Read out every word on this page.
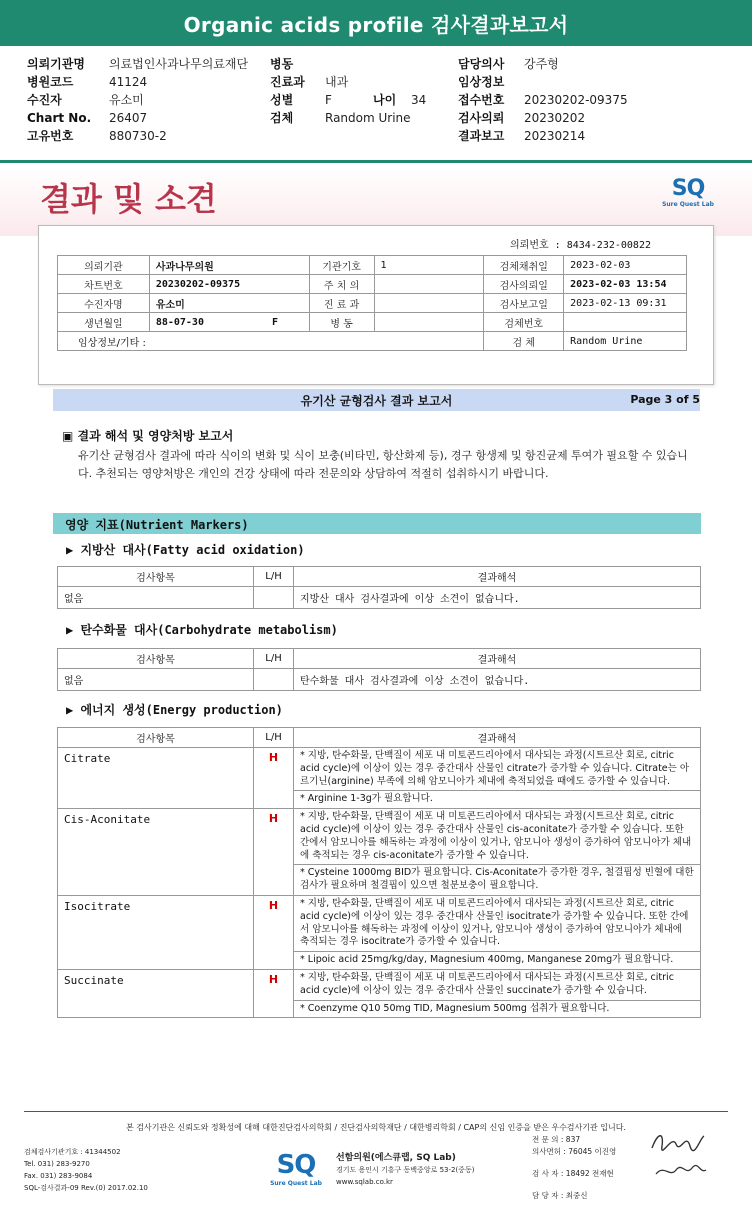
Organic acids profile 검사결과보고서
의뢰기관명 의료법인사과나무의료재단
병원코드	41124
수진자	유소미
Chart No. 26407
고유번호	880730-2
병동
진료과 내과
성별	F	나이 34
검체	Random Urine
담당의사 강주형
임상정보
접수번호 20230202-09375
검사의뢰 20230202
결과보고 20230214
결과 및 소견	SQ
Sure Quest Lab
의뢰번호 : 8434-232-00822
의뢰기관	사과나무의원	기관기호	1	검체채취일	2023-02-03
차트번호	20230202-09375	주 치 의		검사의뢰일	2023-02-03 13:54
수진자명	유소미	진 료 과		검사보고일	2023-02-13 09:31
생년월일	88-07-30 F	병 동		검체번호	
임상정보/기타 :				검 체	Random Urine
유기산 균형검사 결과 보고서	Page 3 of 5
▣ 결과 해석 및 영양처방 보고서
유기산 균형검사 결과에 따라 식이의 변화 및 식이 보충(비타민, 항산화제 등), 경구 항생제 및 항진균제 투여가 필요할 수 있습니다. 추천되는 영양처방은 개인의 건강 상태에 따라 전문의와 상담하여 적절히 섭취하시기 바랍니다.
영양 지표(Nutrient Markers)
▶ 지방산 대사(Fatty acid oxidation)
검사항목	L/H	결과해석
없음		지방산 대사 검사결과에 이상 소견이 없습니다.
▶ 탄수화물 대사(Carbohydrate metabolism)
검사항목	L/H	결과해석
없음		탄수화물 대사 검사결과에 이상 소견이 없습니다.
▶ 에너지 생성(Energy production)
검사항목	L/H	결과해석
Citrate	H	* 지방, 탄수화물, 단백질이 세포 내 미토콘드리아에서 대사되는 과정(시트르산 회로, citric acid cycle)에 이상이 있는 경우 중간대사 산물인 citrate가 증가할 수 있습니다. Citrate는 아르기닌(arginine) 부족에 의해 암모니아가 체내에 축적되었을 때에도 증가할 수 있습니다.
		* Arginine 1-3g가 필요합니다.
Cis-Aconitate	H	* 지방, 탄수화물, 단백질이 세포 내 미토콘드리아에서 대사되는 과정(시트르산 회로, citric acid cycle)에 이상이 있는 경우 중간대사 산물인 cis-aconitate가 증가할 수 있습니다. 또한 간에서 암모니아를 해독하는 과정에 이상이 있거나, 암모니아 생성이 증가하여 암모니아가 체내에 축적되는 경우 cis-aconitate가 증가할 수 있습니다.
		* Cysteine 1000mg BID가 필요합니다. Cis-Aconitate가 증가한 경우, 철결핍성 빈혈에 대한 검사가 필요하며 철결핍이 있으면 철분보충이 필요합니다.
Isocitrate	H	* 지방, 탄수화물, 단백질이 세포 내 미토콘드리아에서 대사되는 과정(시트르산 회로, citric acid cycle)에 이상이 있는 경우 중간대사 산물인 isocitrate가 증가할 수 있습니다. 또한 간에서 암모니아를 해독하는 과정에 이상이 있거나, 암모니아 생성이 증가하여 암모니아가 체내에 축적되는 경우 isocitrate가 증가할 수 있습니다.
		* Lipoic acid 25mg/kg/day, Magnesium 400mg, Manganese 20mg가 필요합니다.
Succinate	H	* 지방, 탄수화물, 단백질이 세포 내 미토콘드리아에서 대사되는 과정(시트르산 회로, citric acid cycle)에 이상이 있는 경우 중간대사 산물인 succinate가 증가할 수 있습니다.
		* Coenzyme Q10 50mg TID, Magnesium 500mg 섭취가 필요합니다.
본 검사기관은 신뢰도와 정확성에 대해 대한진단검사의학회 / 진단검사의학재단 / 대한병리학회 / CAP의 신임 인증을 받은 우수검사기관 입니다.
검체검사기관기호 : 41344502
Tel. 031) 283-9270
Fax. 031) 283-9084
SQL-검사결과-09 Rev.(0) 2017.02.10
SQ
Sure Quest Lab
선함의원(에스큐랩, SQ Lab)
경기도 용인시 기흥구 동백중앙로 53-2(중동)
www.sqlab.co.kr
전 문 의 : 837
의사면허 : 76045 이진영
검 사 자 : 18492 전재현
담 당 자 : 최중신
